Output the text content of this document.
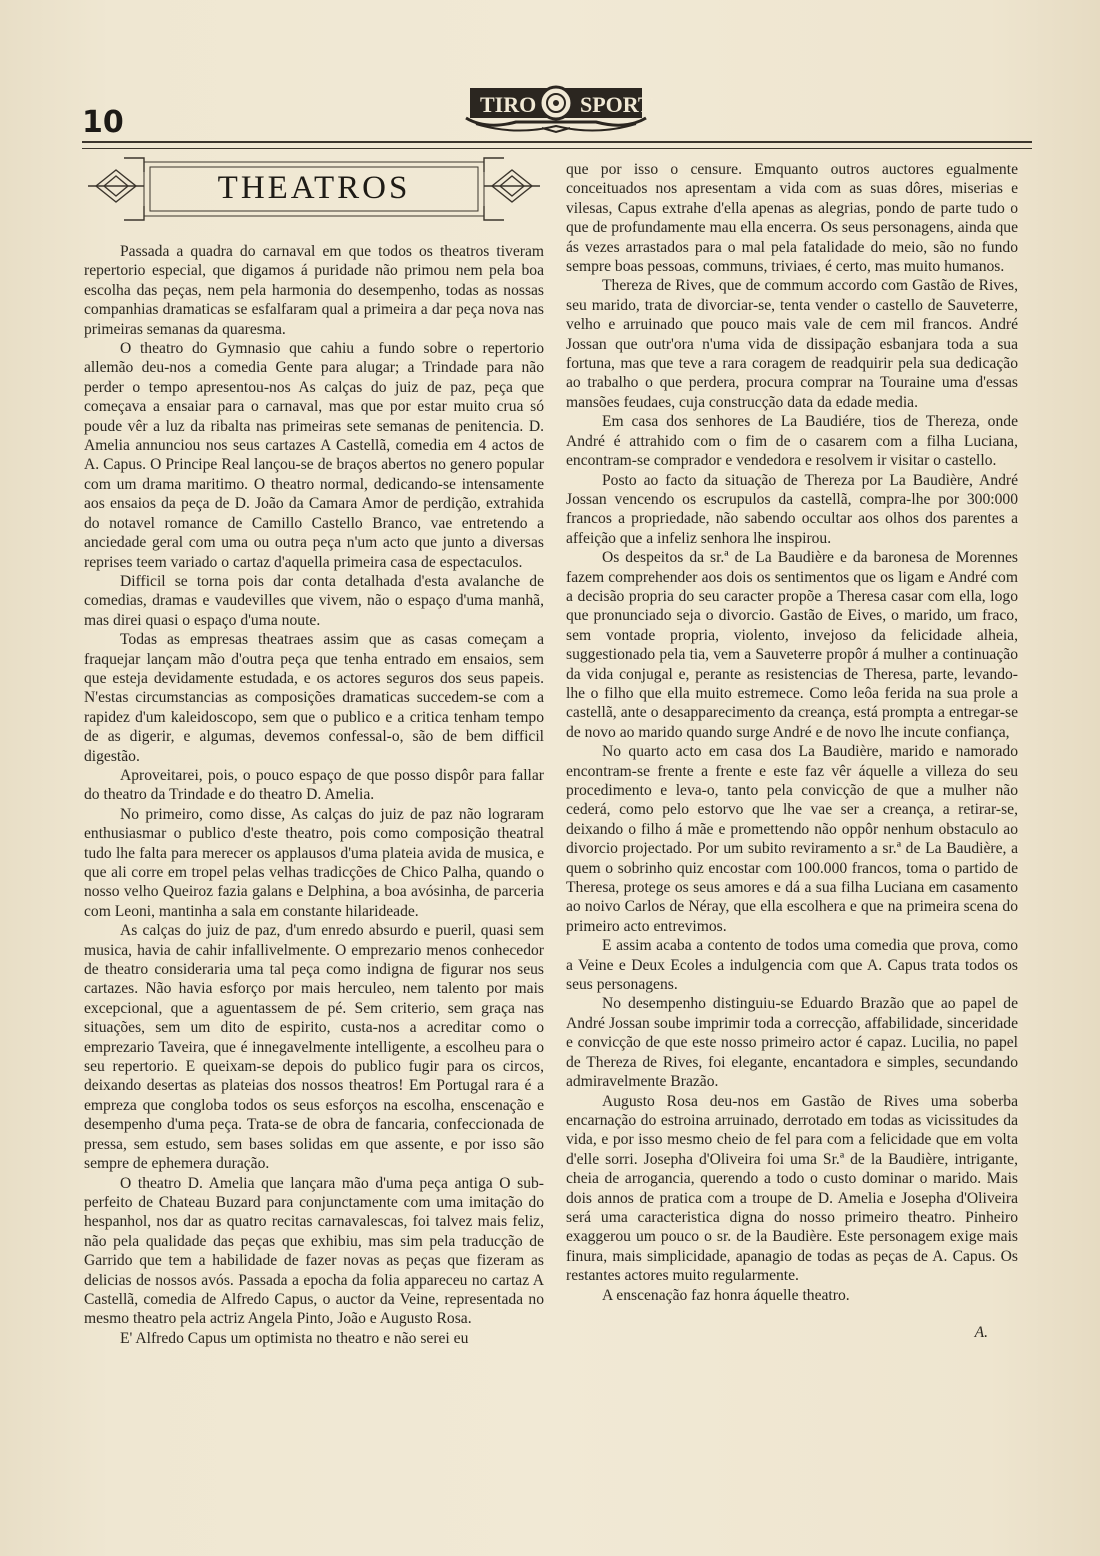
10
TIRO SPORT
THEATROS

Passada a quadra do carnaval em que todos os theatros tiveram repertorio especial, que digamos á puridade não primou nem pela boa escolha das peças, nem pela harmonia do desempenho, todas as nossas companhias dramaticas se esfalfaram qual a primeira a dar peça nova nas primeiras semanas da quaresma.

O theatro do Gymnasio que cahiu a fundo sobre o repertorio allemão deu-nos a comedia Gente para alugar; a Trindade para não perder o tempo apresentou-nos As calças do juiz de paz, peça que começava a ensaiar para o carnaval, mas que por estar muito crua só poude vêr a luz da ribalta nas primeiras sete semanas de penitencia. D. Amelia annunciou nos seus cartazes A Castellã, comedia em 4 actos de A. Capus. O Principe Real lançou-se de braços abertos no genero popular com um drama maritimo. O theatro normal, dedicando-se intensamente aos ensaios da peça de D. João da Camara Amor de perdição, extrahida do notavel romance de Camillo Castello Branco, vae entretendo a anciedade geral com uma ou outra peça n'um acto que junto a diversas reprises teem variado o cartaz d'aquella primeira casa de espectaculos.

Difficil se torna pois dar conta detalhada d'esta avalanche de comedias, dramas e vaudevilles que vivem, não o espaço d'uma manhã, mas direi quasi o espaço d'uma noute.

Todas as empresas theatraes assim que as casas começam a fraquejar lançam mão d'outra peça que tenha entrado em ensaios, sem que esteja devidamente estudada, e os actores seguros dos seus papeis. N'estas circumstancias as composições dramaticas succedem-se com a rapidez d'um kaleidoscopo, sem que o publico e a critica tenham tempo de as digerir, e algumas, devemos confessal-o, são de bem difficil digestão.

Aproveitarei, pois, o pouco espaço de que posso dispôr para fallar do theatro da Trindade e do theatro D. Amelia.

No primeiro, como disse, As calças do juiz de paz não lograram enthusiasmar o publico d'este theatro, pois como composição theatral tudo lhe falta para merecer os applausos d'uma plateia avida de musica, e que ali corre em tropel pelas velhas tradicções de Chico Palha, quando o nosso velho Queiroz fazia galans e Delphina, a boa avósinha, de parceria com Leoni, mantinha a sala em constante hilarideade.

As calças do juiz de paz, d'um enredo absurdo e pueril, quasi sem musica, havia de cahir infallivelmente. O emprezario menos conhecedor de theatro consideraria uma tal peça como indigna de figurar nos seus cartazes. Não havia esforço por mais herculeo, nem talento por mais excepcional, que a aguentassem de pé. Sem criterio, sem graça nas situações, sem um dito de espirito, custa-nos a acreditar como o emprezario Taveira, que é innegavelmente intelligente, a escolheu para o seu repertorio. E queixam-se depois do publico fugir para os circos, deixando desertas as plateias dos nossos theatros! Em Portugal rara é a empreza que congloba todos os seus esforços na escolha, enscenação e desempenho d'uma peça. Trata-se de obra de fancaria, confeccionada de pressa, sem estudo, sem bases solidas em que assente, e por isso são sempre de ephemera duração.

O theatro D. Amelia que lançara mão d'uma peça antiga O sub-perfeito de Chateau Buzard para conjunctamente com uma imitação do hespanhol, nos dar as quatro recitas carnavalescas, foi talvez mais feliz, não pela qualidade das peças que exhibiu, mas sim pela traducção de Garrido que tem a habilidade de fazer novas as peças que fizeram as delicias de nossos avós. Passada a epocha da folia appareceu no cartaz A Castellã, comedia de Alfredo Capus, o auctor da Veine, representada no mesmo theatro pela actriz Angela Pinto, João e Augusto Rosa.

E' Alfredo Capus um optimista no theatro e não serei eu

que por isso o censure. Emquanto outros auctores egualmente conceituados nos apresentam a vida com as suas dôres, miserias e vilesas, Capus extrahe d'ella apenas as alegrias, pondo de parte tudo o que de profundamente mau ella encerra. Os seus personagens, ainda que ás vezes arrastados para o mal pela fatalidade do meio, são no fundo sempre boas pessoas, communs, triviaes, é certo, mas muito humanos.

Thereza de Rives, que de commum accordo com Gastão de Rives, seu marido, trata de divorciar-se, tenta vender o castello de Sauveterre, velho e arruinado que pouco mais vale de cem mil francos. André Jossan que outr'ora n'uma vida de dissipação esbanjara toda a sua fortuna, mas que teve a rara coragem de readquirir pela sua dedicação ao trabalho o que perdera, procura comprar na Touraine uma d'essas mansões feudaes, cuja construcção data da edade media.

Em casa dos senhores de La Baudiére, tios de Thereza, onde André é attrahido com o fim de o casarem com a filha Luciana, encontram-se comprador e vendedora e resolvem ir visitar o castello.

Posto ao facto da situação de Thereza por La Baudière, André Jossan vencendo os escrupulos da castellã, compra-lhe por 300:000 francos a propriedade, não sabendo occultar aos olhos dos parentes a affeição que a infeliz senhora lhe inspirou.

Os despeitos da sr.ª de La Baudière e da baronesa de Morennes fazem comprehender aos dois os sentimentos que os ligam e André com a decisão propria do seu caracter propõe a Theresa casar com ella, logo que pronunciado seja o divorcio. Gastão de Eives, o marido, um fraco, sem vontade propria, violento, invejoso da felicidade alheia, suggestionado pela tia, vem a Sauveterre propôr á mulher a continuação da vida conjugal e, perante as resistencias de Theresa, parte, levando-lhe o filho que ella muito estremece. Como leôa ferida na sua prole a castellã, ante o desapparecimento da creança, está prompta a entregar-se de novo ao marido quando surge André e de novo lhe incute confiança,

No quarto acto em casa dos La Baudière, marido e namorado encontram-se frente a frente e este faz vêr áquelle a villeza do seu procedimento e leva-o, tanto pela convicção de que a mulher não cederá, como pelo estorvo que lhe vae ser a creança, a retirar-se, deixando o filho á mãe e promettendo não oppôr nenhum obstaculo ao divorcio projectado. Por um subito reviramento a sr.ª de La Baudière, a quem o sobrinho quiz encostar com 100.000 francos, toma o partido de Theresa, protege os seus amores e dá a sua filha Luciana em casamento ao noivo Carlos de Néray, que ella escolhera e que na primeira scena do primeiro acto entrevimos.

E assim acaba a contento de todos uma comedia que prova, como a Veine e Deux Ecoles a indulgencia com que A. Capus trata todos os seus personagens.

No desempenho distinguiu-se Eduardo Brazão que ao papel de André Jossan soube imprimir toda a correcção, affabilidade, sinceridade e convicção de que este nosso primeiro actor é capaz. Lucilia, no papel de Thereza de Rives, foi elegante, encantadora e simples, secundando admiravelmente Brazão.

Augusto Rosa deu-nos em Gastão de Rives uma soberba encarnação do estroina arruinado, derrotado em todas as vicissitudes da vida, e por isso mesmo cheio de fel para com a felicidade que em volta d'elle sorri. Josepha d'Oliveira foi uma Sr.ª de la Baudière, intrigante, cheia de arrogancia, querendo a todo o custo dominar o marido. Mais dois annos de pratica com a troupe de D. Amelia e Josepha d'Oliveira será uma caracteristica digna do nosso primeiro theatro. Pinheiro exaggerou um pouco o sr. de la Baudière. Este personagem exige mais finura, mais simplicidade, apanagio de todas as peças de A. Capus. Os restantes actores muito regularmente.

A enscenação faz honra áquelle theatro.

A.
